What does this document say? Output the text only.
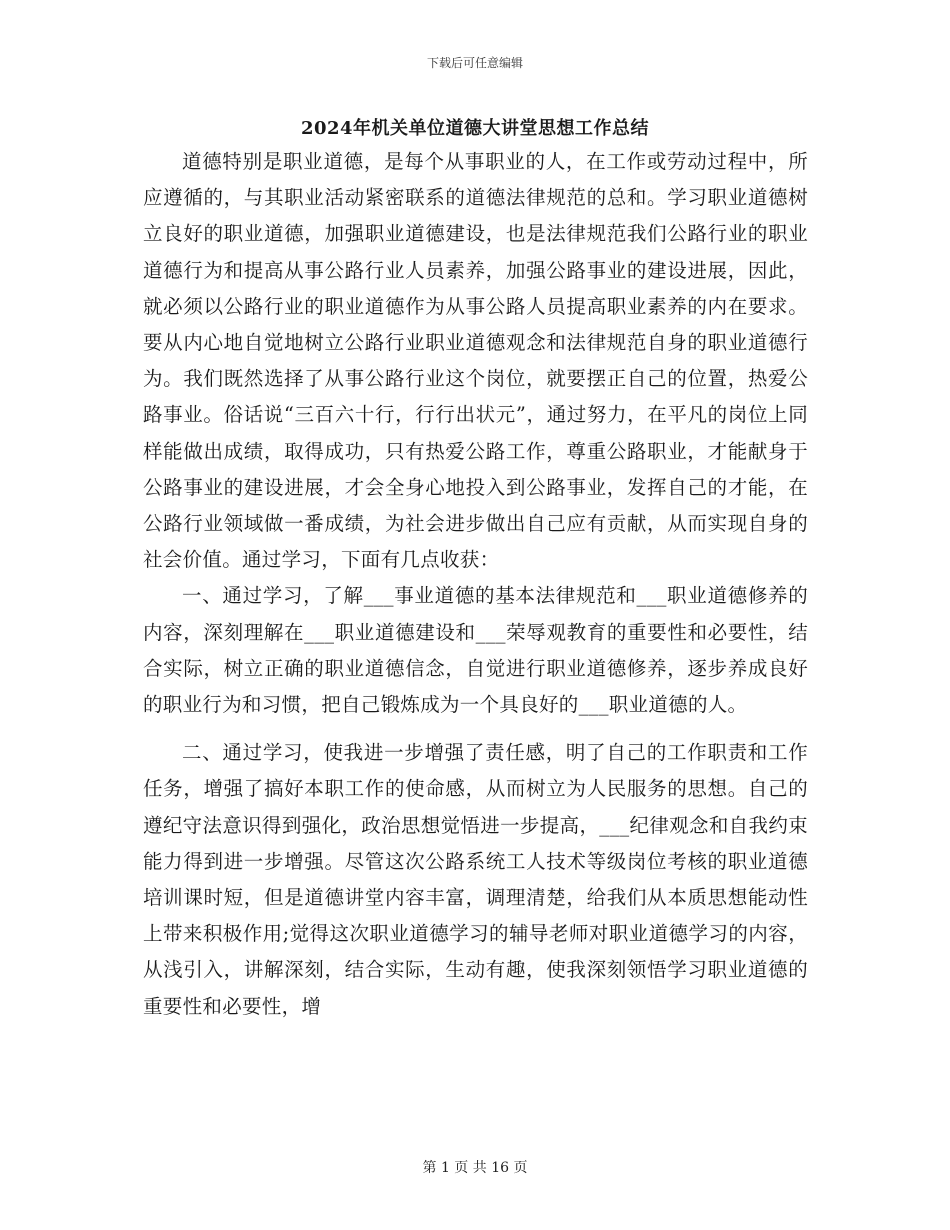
下载后可任意编辑
2024年机关单位道德大讲堂思想工作总结

道德特别是职业道德，是每个从事职业的人，在工作或劳动过程中，所应遵循的，与其职业活动紧密联系的道德法律规范的总和。学习职业道德树立良好的职业道德，加强职业道德建设，也是法律规范我们公路行业的职业道德行为和提高从事公路行业人员素养，加强公路事业的建设进展，因此，就必须以公路行业的职业道德作为从事公路人员提高职业素养的内在要求。要从内心地自觉地树立公路行业职业道德观念和法律规范自身的职业道德行为。我们既然选择了从事公路行业这个岗位，就要摆正自己的位置，热爱公路事业。俗话说“三百六十行，行行出状元”，通过努力，在平凡的岗位上同样能做出成绩，取得成功，只有热爱公路工作，尊重公路职业，才能献身于公路事业的建设进展，才会全身心地投入到公路事业，发挥自己的才能，在公路行业领域做一番成绩，为社会进步做出自己应有贡献，从而实现自身的社会价值。通过学习，下面有几点收获：

一、通过学习，了解___事业道德的基本法律规范和___职业道德修养的内容，深刻理解在___职业道德建设和___荣辱观教育的重要性和必要性，结合实际，树立正确的职业道德信念，自觉进行职业道德修养，逐步养成良好的职业行为和习惯，把自己锻炼成为一个具良好的___职业道德的人。

二、通过学习，使我进一步增强了责任感，明了自己的工作职责和工作任务，增强了搞好本职工作的使命感，从而树立为人民服务的思想。自己的遵纪守法意识得到强化，政治思想觉悟进一步提高，___纪律观念和自我约束能力得到进一步增强。尽管这次公路系统工人技术等级岗位考核的职业道德培训课时短，但是道德讲堂内容丰富，调理清楚，给我们从本质思想能动性上带来积极作用;觉得这次职业道德学习的辅导老师对职业道德学习的内容，从浅引入，讲解深刻，结合实际，生动有趣，使我深刻领悟学习职业道德的重要性和必要性，增

第 1 页 共 16 页
